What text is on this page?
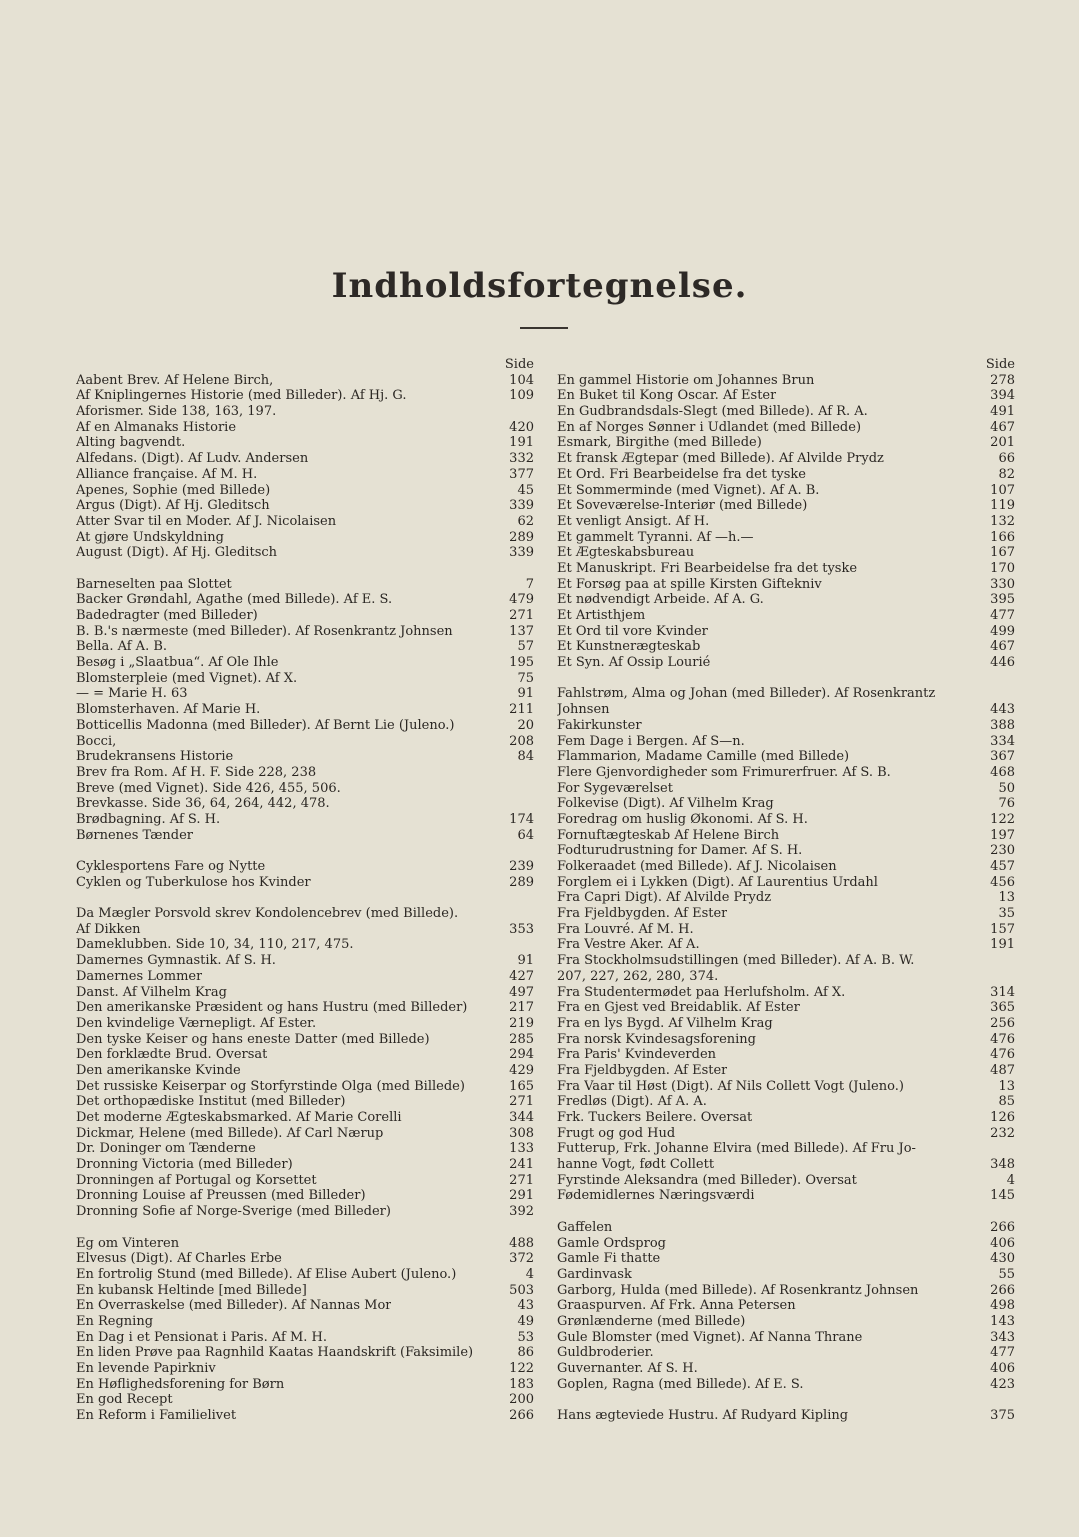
Indholdsfortegnelse.
Side
Aabent Brev. Af Helene Birch,	104
Af Kniplingernes Historie (med Billeder). Af Hj. G.	109
Aforismer. Side 138, 163, 197.
Af en Almanaks Historie	420
Alting bagvendt.	191
Alfedans. (Digt). Af Ludv. Andersen	332
Alliance française. Af M. H.	377
Apenes, Sophie (med Billede)	45
Argus (Digt). Af Hj. Gleditsch	339
Atter Svar til en Moder. Af J. Nicolaisen	62
At gjøre Undskyldning	289
August (Digt). Af Hj. Gleditsch	339
Barneselten paa Slottet	7
Backer Grøndahl, Agathe (med Billede). Af E. S.	479
Badedragter (med Billeder)	271
B. B.'s nærmeste (med Billeder). Af Rosenkrantz Johnsen	137
Bella. Af A. B.	57
Besøg i „Slaatbua“. Af Ole Ihle	195
Blomsterpleie (med Vignet). Af X.	75
— = Marie H. 63	91
Blomsterhaven. Af Marie H.	211
Botticellis Madonna (med Billeder). Af Bernt Lie (Juleno.)	20
Bocci,	208
Brudekransens Historie	84
Brev fra Rom. Af H. F. Side 228, 238
Breve (med Vignet). Side 426, 455, 506.
Brevkasse. Side 36, 64, 264, 442, 478.
Brødbagning. Af S. H.	174
Børnenes Tænder	64
Cyklesportens Fare og Nytte	239
Cyklen og Tuberkulose hos Kvinder	289
Da Mægler Porsvold skrev Kondolencebrev (med Billede).
Af Dikken	353
Dameklubben. Side 10, 34, 110, 217, 475.
Damernes Gymnastik. Af S. H.	91
Damernes Lommer	427
Danst. Af Vilhelm Krag	497
Den amerikanske Præsident og hans Hustru (med Billeder)	217
Den kvindelige Værnepligt. Af Ester.	219
Den tyske Keiser og hans eneste Datter (med Billede)	285
Den forklædte Brud. Oversat	294
Den amerikanske Kvinde	429
Det russiske Keiserpar og Storfyrstinde Olga (med Billede)	165
Det orthopædiske Institut (med Billeder)	271
Det moderne Ægteskabsmarked. Af Marie Corelli	344
Dickmar, Helene (med Billede). Af Carl Nærup	308
Dr. Doninger om Tænderne	133
Dronning Victoria (med Billeder)	241
Dronningen af Portugal og Korsettet	271
Dronning Louise af Preussen (med Billeder)	291
Dronning Sofie af Norge-Sverige (med Billeder)	392
Eg om Vinteren	488
Elvesus (Digt). Af Charles Erbe	372
En fortrolig Stund (med Billede). Af Elise Aubert (Juleno.)	4
En kubansk Heltinde [med Billede]	503
En Overraskelse (med Billeder). Af Nannas Mor	43
En Regning	49
En Dag i et Pensionat i Paris. Af M. H.	53
En liden Prøve paa Ragnhild Kaatas Haandskrift (Faksimile)	86
En levende Papirkniv	122
En Høflighedsforening for Børn	183
En god Recept	200
En Reform i Familielivet	266
Side
En gammel Historie om Johannes Brun	278
En Buket til Kong Oscar. Af Ester	394
En Gudbrandsdals-Slegt (med Billede). Af R. A.	491
En af Norges Sønner i Udlandet (med Billede)	467
Esmark, Birgithe (med Billede)	201
Et fransk Ægtepar (med Billede). Af Alvilde Prydz	66
Et Ord. Fri Bearbeidelse fra det tyske	82
Et Sommerminde (med Vignet). Af A. B.	107
Et Soveværelse-Interiør (med Billede)	119
Et venligt Ansigt. Af H.	132
Et gammelt Tyranni. Af —h.—	166
Et Ægteskabsbureau	167
Et Manuskript. Fri Bearbeidelse fra det tyske	170
Et Forsøg paa at spille Kirsten Giftekniv	330
Et nødvendigt Arbeide. Af A. G.	395
Et Artisthjem	477
Et Ord til vore Kvinder	499
Et Kunstnerægteskab	467
Et Syn. Af Ossip Lourié	446
Fahlstrøm, Alma og Johan (med Billeder). Af Rosenkrantz
Johnsen	443
Fakirkunster	388
Fem Dage i Bergen. Af S—n.	334
Flammarion, Madame Camille (med Billede)	367
Flere Gjenvordigheder som Frimurerfruer. Af S. B.	468
For Sygeværelset	50
Folkevise (Digt). Af Vilhelm Krag	76
Foredrag om huslig Økonomi. Af S. H.	122
Fornuftægteskab Af Helene Birch	197
Fodturudrustning for Damer. Af S. H.	230
Folkeraadet (med Billede). Af J. Nicolaisen	457
Forglem ei i Lykken (Digt). Af Laurentius Urdahl	456
Fra Capri Digt). Af Alvilde Prydz	13
Fra Fjeldbygden. Af Ester	35
Fra Louvré. Af M. H.	157
Fra Vestre Aker. Af A.	191
Fra Stockholmsudstillingen (med Billeder). Af A. B. W.
207, 227, 262, 280, 374.
Fra Studentermødet paa Herlufsholm. Af X.	314
Fra en Gjest ved Breidablik. Af Ester	365
Fra en lys Bygd. Af Vilhelm Krag	256
Fra norsk Kvindesagsforening	476
Fra Paris' Kvindeverden	476
Fra Fjeldbygden. Af Ester	487
Fra Vaar til Høst (Digt). Af Nils Collett Vogt (Juleno.)	13
Fredløs (Digt). Af A. A.	85
Frk. Tuckers Beilere. Oversat	126
Frugt og god Hud	232
Futterup, Frk. Johanne Elvira (med Billede). Af Fru Jo-
hanne Vogt, født Collett	348
Fyrstinde Aleksandra (med Billeder). Oversat	4
Fødemidlernes Næringsværdi	145
Gaffelen	266
Gamle Ordsprog	406
Gamle Fi thatte	430
Gardinvask	55
Garborg, Hulda (med Billede). Af Rosenkrantz Johnsen	266
Graaspurven. Af Frk. Anna Petersen	498
Grønlænderne (med Billede)	143
Gule Blomster (med Vignet). Af Nanna Thrane	343
Guldbroderier.	477
Guvernanter. Af S. H.	406
Goplen, Ragna (med Billede). Af E. S.	423
Hans ægteviede Hustru. Af Rudyard Kipling	375
